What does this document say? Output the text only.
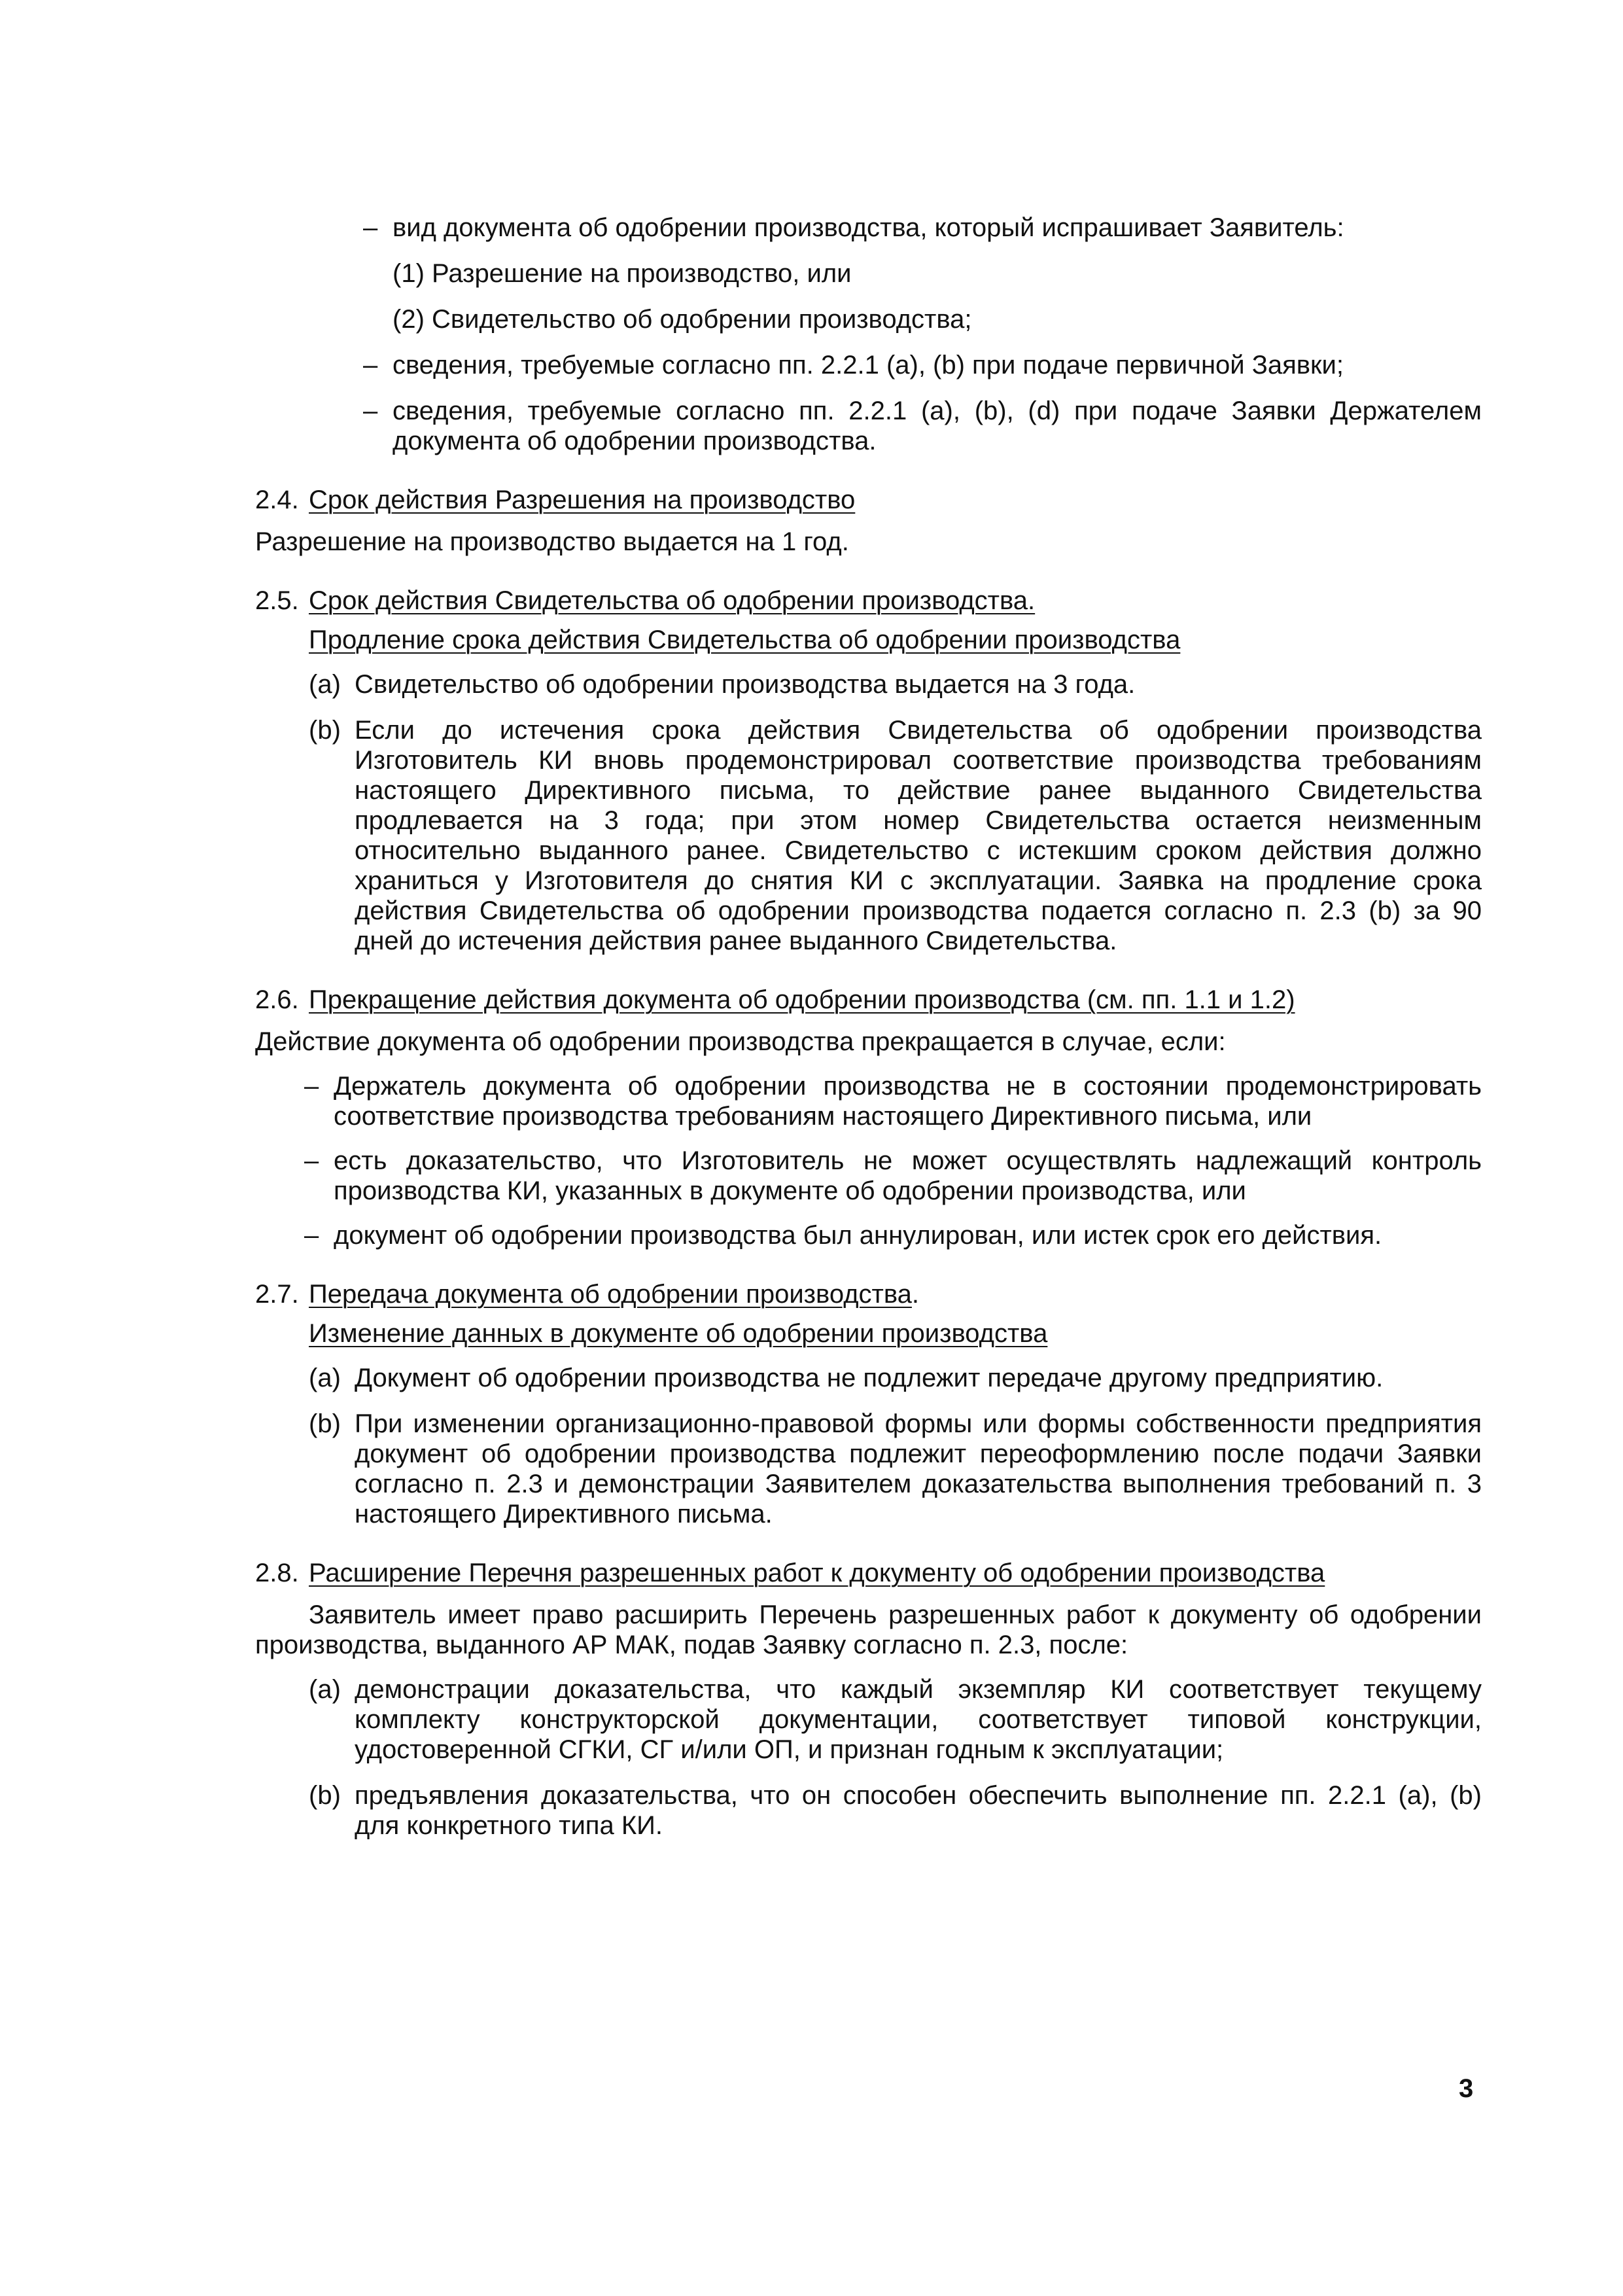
– вид документа об одобрении производства, который испрашивает Заявитель:
(1) Разрешение на производство, или
(2) Свидетельство об одобрении производства;
– сведения, требуемые согласно пп. 2.2.1 (a), (b) при подаче первичной Заявки;
– сведения, требуемые согласно пп. 2.2.1 (a), (b), (d) при подаче Заявки Держателем документа об одобрении производства.
2.4. Срок действия Разрешения на производство
Разрешение на производство выдается на 1 год.
2.5. Срок действия Свидетельства об одобрении производства.
Продление срока действия Свидетельства об одобрении производства
(a) Свидетельство об одобрении производства выдается на 3 года.
(b) Если до истечения срока действия Свидетельства об одобрении производства Изготовитель КИ вновь продемонстрировал соответствие производства требованиям настоящего Директивного письма, то действие ранее выданного Свидетельства продлевается на 3 года; при этом номер Свидетельства остается неизменным относительно выданного ранее. Свидетельство с истекшим сроком действия должно храниться у Изготовителя до снятия КИ с эксплуатации. Заявка на продление срока действия Свидетельства об одобрении производства подается согласно п. 2.3 (b) за 90 дней до истечения действия ранее выданного Свидетельства.
2.6. Прекращение действия документа об одобрении производства (см. пп. 1.1 и 1.2)
Действие документа об одобрении производства прекращается в случае, если:
– Держатель документа об одобрении производства не в состоянии продемонстрировать соответствие производства требованиям настоящего Директивного письма, или
– есть доказательство, что Изготовитель не может осуществлять надлежащий контроль производства КИ, указанных в документе об одобрении производства, или
– документ об одобрении производства был аннулирован, или истек срок его действия.
2.7. Передача документа об одобрении производства.
Изменение данных в документе об одобрении производства
(a) Документ об одобрении производства не подлежит передаче другому предприятию.
(b) При изменении организационно-правовой формы или формы собственности предприятия документ об одобрении производства подлежит переоформлению после подачи Заявки согласно п. 2.3 и демонстрации Заявителем доказательства выполнения требований п. 3 настоящего Директивного письма.
2.8. Расширение Перечня разрешенных работ к документу об одобрении производства
Заявитель имеет право расширить Перечень разрешенных работ к документу об одобрении производства, выданного АР МАК, подав Заявку согласно п. 2.3, после:
(a) демонстрации доказательства, что каждый экземпляр КИ соответствует текущему комплекту конструкторской документации, соответствует типовой конструкции, удостоверенной СГКИ, СГ и/или ОП, и признан годным к эксплуатации;
(b) предъявления доказательства, что он способен обеспечить выполнение пп. 2.2.1 (a), (b) для конкретного типа КИ.
3
